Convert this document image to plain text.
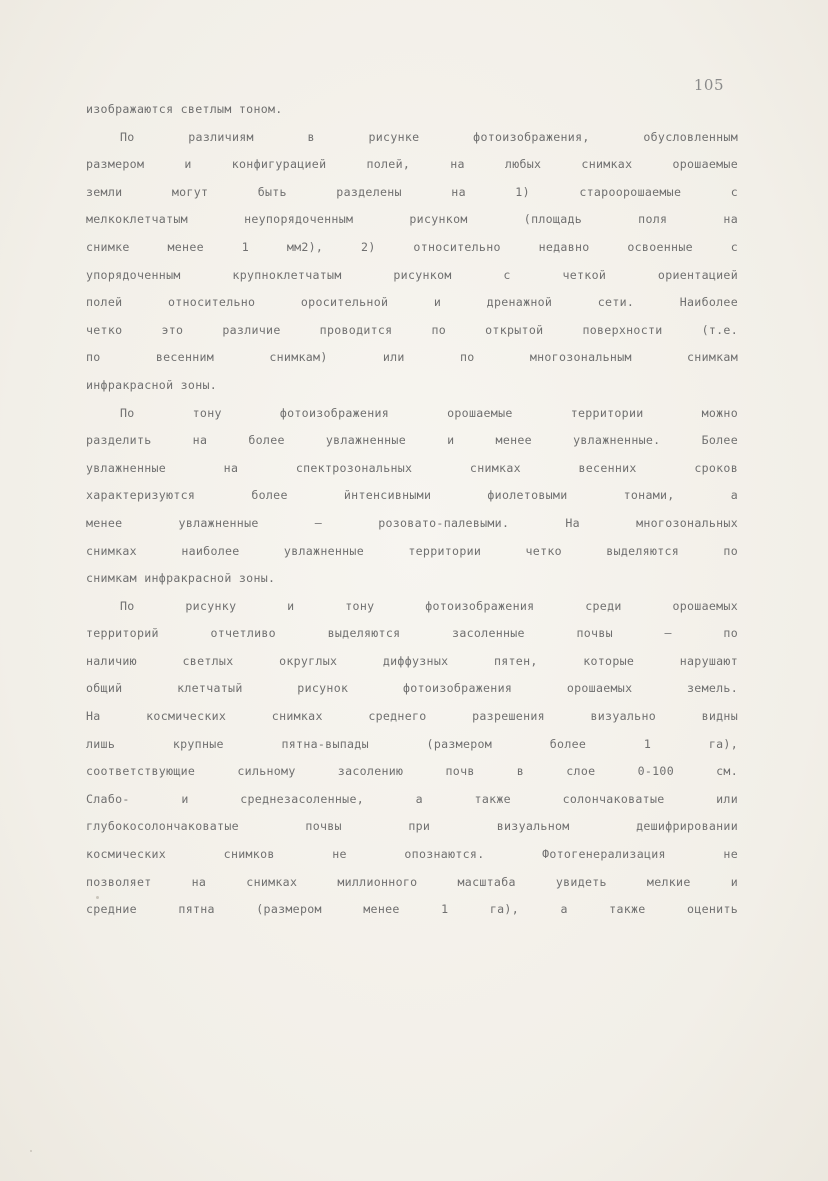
105
изображаются светлым тоном.
По различиям в рисунке фотоизображения, обусловленным
размером и конфигурацией полей, на любых снимках орошаемые
земли могут быть разделены на 1) староорошаемые с
мелкоклетчатым неупорядоченным рисунком (площадь поля на
снимке менее 1 мм2), 2) относительно недавно освоенные с
упорядоченным крупноклетчатым рисунком с четкой ориентацией
полей относительно оросительной и дренажной сети. Наиболее
четко это различие проводится по открытой поверхности (т.е.
по весенним снимкам) или по многозональным снимкам
инфракрасной зоны.
По тону фотоизображения орошаемые территории можно
разделить на более увлажненные и менее увлажненные. Более
увлажненные на спектрозональных снимках весенних сроков
характеризуются более йнтенсивными фиолетовыми тонами, а
менее увлажненные – розовато-палевыми. На многозональных
снимках наиболее увлажненные территории четко выделяются по
снимкам инфракрасной зоны.
По рисунку и тону фотоизображения среди орошаемых
территорий отчетливо выделяются засоленные почвы – по
наличию светлых округлых диффузных пятен, которые нарушают
общий клетчатый рисунок фотоизображения орошаемых земель.
На космических снимках среднего разрешения визуально видны
лишь крупные пятна-выпады (размером более 1 га),
соответствующие сильному засолению почв в слое 0-100 см.
Слабо- и среднезасоленные, а также солончаковатые или
глубокосолончаковатые почвы при визуальном дешифрировании
космических снимков не опознаются. Фотогенерализация не
позволяет на снимках миллионного масштаба увидеть мелкие и
средние пятна (размером менее 1 га), а также оценить
